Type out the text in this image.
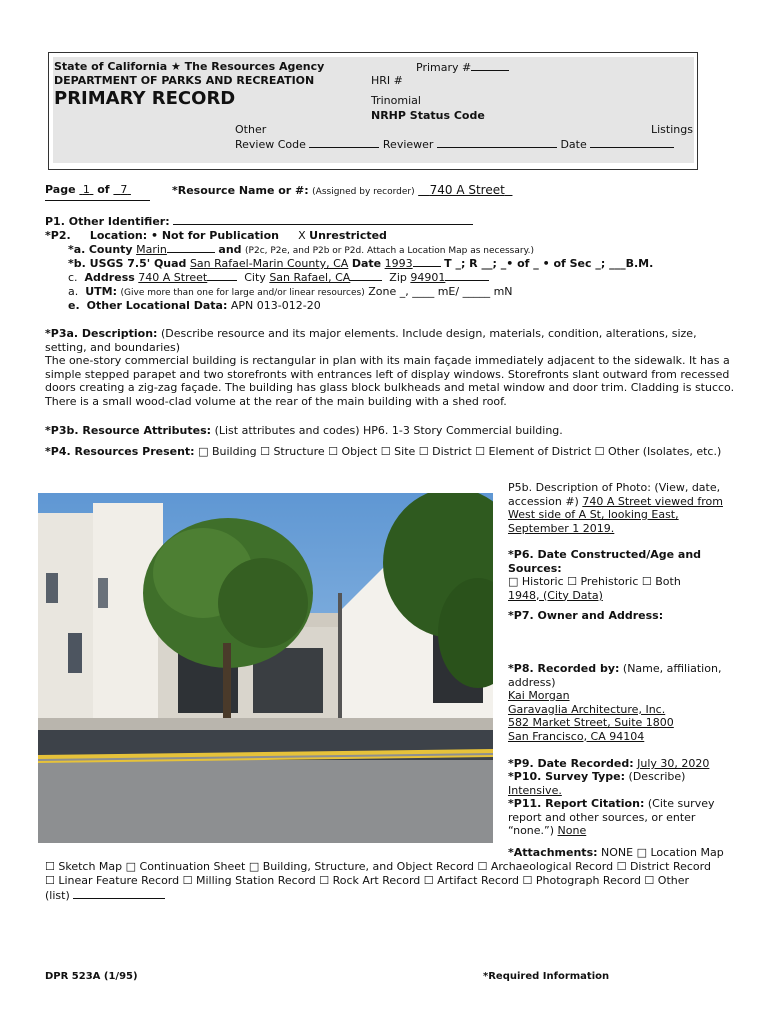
State of California ★ The Resources Agency
DEPARTMENT OF PARKS AND RECREATION
PRIMARY RECORD
Primary #
HRI #
Trinomial
NRHP Status Code
Other	Listings
Review Code	Reviewer	Date
Page 1 of 7	*Resource Name or #: (Assigned by recorder) 740 A Street
P1. Other Identifier:
*P2. Location: • Not for Publication X Unrestricted
*a. County Marin	and (P2c, P2e, and P2b or P2d. Attach a Location Map as necessary.)
*b. USGS 7.5' Quad San Rafael-Marin County, CA Date 1993	T _; R __; _• of _ • of Sec _; ___B.M.
c. Address 740 A Street	City San Rafael, CA	Zip 94901
a. UTM: (Give more than one for large and/or linear resources) Zone _, ____ mE/ _____ mN
e. Other Locational Data: APN 013-012-20
*P3a. Description: (Describe resource and its major elements. Include design, materials, condition, alterations, size, setting, and boundaries)
The one-story commercial building is rectangular in plan with its main façade immediately adjacent to the sidewalk. It has a simple stepped parapet and two storefronts with entrances left of display windows. Storefronts slant outward from recessed doors creating a zig-zag façade. The building has glass block bulkheads and metal window and door trim. Cladding is stucco. There is a small wood-clad volume at the rear of the main building with a shed roof.
*P3b. Resource Attributes: (List attributes and codes) HP6. 1-3 Story Commercial building.
*P4. Resources Present: □ Building ☐ Structure ☐ Object ☐ Site ☐ District ☐ Element of District ☐ Other (Isolates, etc.)
P5b. Description of Photo: (View, date, accession #) 740 A Street viewed from West side of A St, looking East, September 1 2019.
*P6. Date Constructed/Age and Sources:
□ Historic ☐ Prehistoric ☐ Both
1948, (City Data)
*P7. Owner and Address:
*P8. Recorded by: (Name, affiliation, address)
Kai Morgan
Garavaglia Architecture, Inc.
582 Market Street, Suite 1800
San Francisco, CA 94104
*P9. Date Recorded: July 30, 2020
*P10. Survey Type: (Describe)
Intensive.
*P11. Report Citation: (Cite survey report and other sources, or enter “none.”) None
*Attachments: NONE □ Location Map
☐ Sketch Map □ Continuation Sheet □ Building, Structure, and Object Record ☐ Archaeological Record ☐ District Record
☐ Linear Feature Record ☐ Milling Station Record ☐ Rock Art Record ☐ Artifact Record ☐ Photograph Record ☐ Other
(list)
DPR 523A (1/95)	*Required Information
